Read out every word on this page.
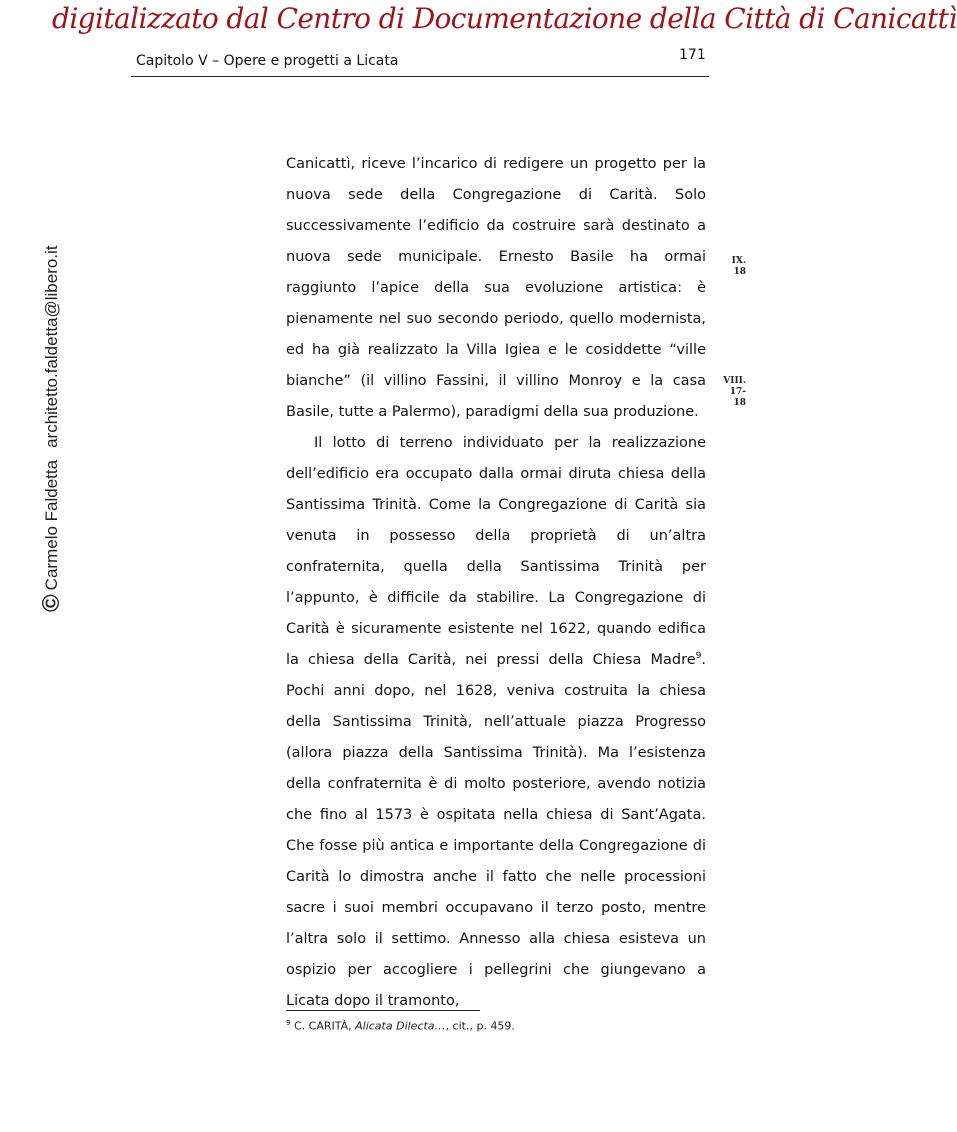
digitalizzato dal Centro di Documentazione della Città di Canicattì
Capitolo V – Opere e progetti a Licata	171
©
Carmelo Faldetta
architetto.faldetta@libero.it

Canicattì, riceve l’incarico di redigere un progetto per la nuova sede della Congregazione di Carità. Solo successivamente l’edificio da costruire sarà destinato a nuova sede municipale. Ernesto Basile ha ormai raggiunto l’apice della sua evoluzione artistica: è pienamente nel suo secondo periodo, quello modernista, ed ha già realizzato la Villa Igiea e le cosiddette “ville bianche” (il villino Fassini, il villino Monroy e la casa Basile, tutte a Palermo), paradigmi della sua produzione.

Il lotto di terreno individuato per la realizzazione dell’edificio era occupato dalla ormai diruta chiesa della Santissima Trinità. Come la Congregazione di Carità sia venuta in possesso della proprietà di un’altra confraternita, quella della Santissima Trinità per l’appunto, è difficile da stabilire. La Congregazione di Carità è sicuramente esistente nel 1622, quando edifica la chiesa della Carità, nei pressi della Chiesa Madre$^9$. Pochi anni dopo, nel 1628, veniva costruita la chiesa della Santissima Trinità, nell’attuale piazza Progresso (allora piazza della Santissima Trinità). Ma l’esistenza della confraternita è di molto posteriore, avendo notizia che fino al 1573 è ospitata nella chiesa di Sant’Agata. Che fosse più antica e importante della Congregazione di Carità lo dimostra anche il fatto che nelle processioni sacre i suoi membri occupavano il terzo posto, mentre l’altra solo il settimo. Annesso alla chiesa esisteva un ospizio per accogliere i pellegrini che giungevano a Licata dopo il tramonto,

IX.
18
VIII.
17-
18
$^9$ C. CARITÀ, Alicata Dilecta…, cit., p. 459.
